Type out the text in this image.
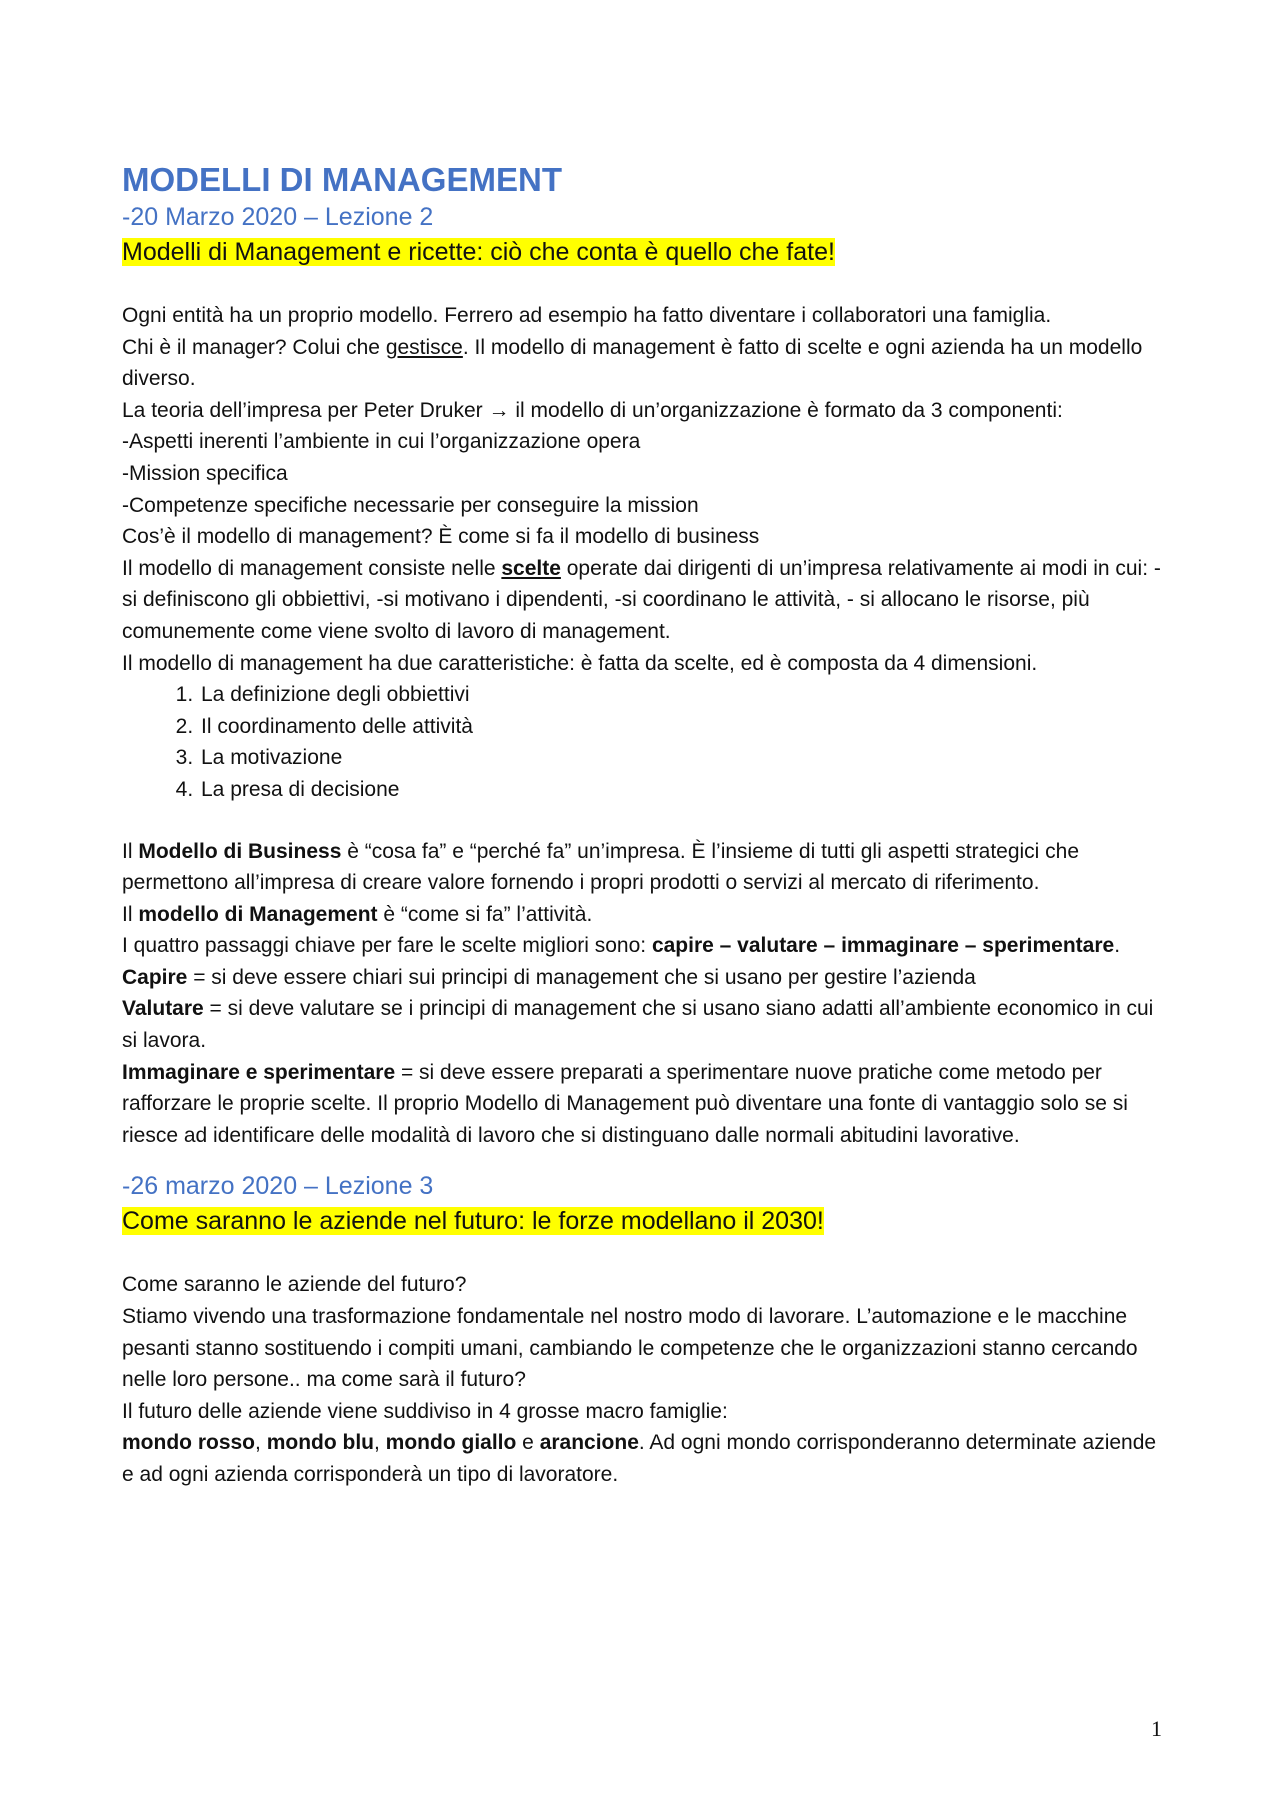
MODELLI DI MANAGEMENT

-20 Marzo 2020 – Lezione 2

Modelli di Management e ricette: ciò che conta è quello che fate!

Ogni entità ha un proprio modello. Ferrero ad esempio ha fatto diventare i collaboratori una famiglia.

Chi è il manager? Colui che gestisce. Il modello di management è fatto di scelte e ogni azienda ha un modello diverso.

La teoria dell’impresa per Peter Druker → il modello di un’organizzazione è formato da 3 componenti:

-Aspetti inerenti l’ambiente in cui l’organizzazione opera

-Mission specifica

-Competenze specifiche necessarie per conseguire la mission

Cos’è il modello di management? È come si fa il modello di business

Il modello di management consiste nelle scelte operate dai dirigenti di un’impresa relativamente ai modi in cui: - si definiscono gli obbiettivi, -si motivano i dipendenti, -si coordinano le attività, - si allocano le risorse, più comunemente come viene svolto di lavoro di management.

Il modello di management ha due caratteristiche: è fatta da scelte, ed è composta da 4 dimensioni.

1. La definizione degli obbiettivi
2. Il coordinamento delle attività
3. La motivazione
4. La presa di decisione

Il Modello di Business è “cosa fa” e “perché fa” un’impresa. È l’insieme di tutti gli aspetti strategici che permettono all’impresa di creare valore fornendo i propri prodotti o servizi al mercato di riferimento.

Il modello di Management è “come si fa” l’attività.

I quattro passaggi chiave per fare le scelte migliori sono: capire – valutare – immaginare – sperimentare.

Capire = si deve essere chiari sui principi di management che si usano per gestire l’azienda

Valutare = si deve valutare se i principi di management che si usano siano adatti all’ambiente economico in cui si lavora.

Immaginare e sperimentare = si deve essere preparati a sperimentare nuove pratiche come metodo per rafforzare le proprie scelte. Il proprio Modello di Management può diventare una fonte di vantaggio solo se si riesce ad identificare delle modalità di lavoro che si distinguano dalle normali abitudini lavorative.

-26 marzo 2020 – Lezione 3

Come saranno le aziende nel futuro: le forze modellano il 2030!

Come saranno le aziende del futuro?

Stiamo vivendo una trasformazione fondamentale nel nostro modo di lavorare. L’automazione e le macchine pesanti stanno sostituendo i compiti umani, cambiando le competenze che le organizzazioni stanno cercando nelle loro persone.. ma come sarà il futuro?

Il futuro delle aziende viene suddiviso in 4 grosse macro famiglie:

mondo rosso, mondo blu, mondo giallo e arancione. Ad ogni mondo corrisponderanno determinate aziende e ad ogni azienda corrisponderà un tipo di lavoratore.

1
